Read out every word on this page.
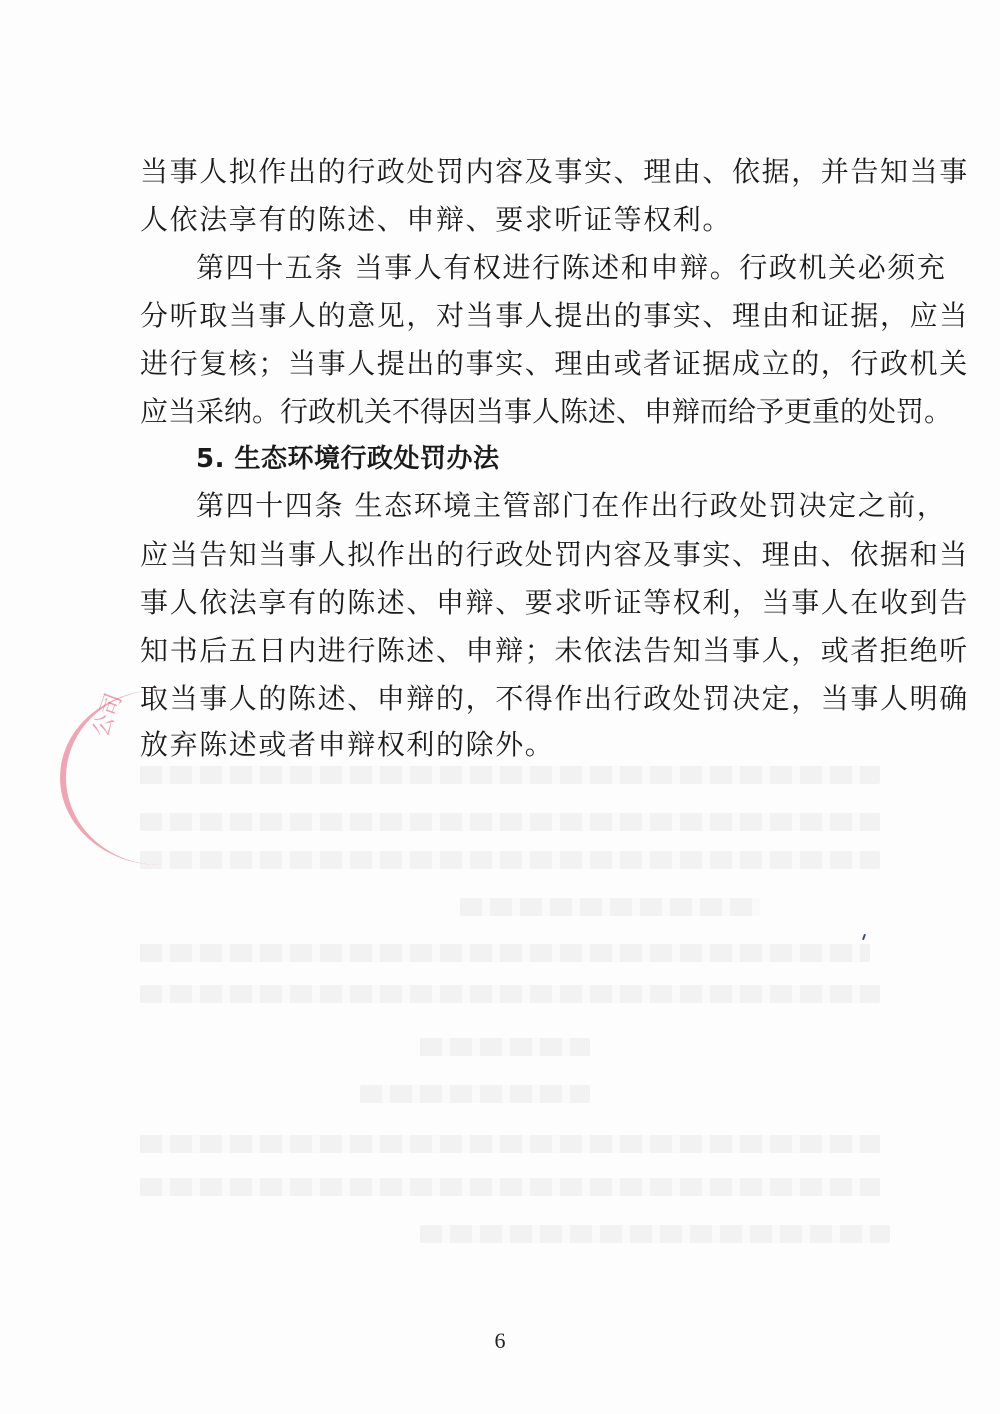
当事人拟作出的行政处罚内容及事实、理由、依据，并告知当事
人依法享有的陈述、申辩、要求听证等权利。
第四十五条 当事人有权进行陈述和申辩。行政机关必须充
分听取当事人的意见，对当事人提出的事实、理由和证据，应当
进行复核；当事人提出的事实、理由或者证据成立的，行政机关
应当采纳。行政机关不得因当事人陈述、申辩而给予更重的处罚。
5. 生态环境行政处罚办法
第四十四条 生态环境主管部门在作出行政处罚决定之前，
应当告知当事人拟作出的行政处罚内容及事实、理由、依据和当
事人依法享有的陈述、申辩、要求听证等权利，当事人在收到告
知书后五日内进行陈述、申辩；未依法告知当事人，或者拒绝听
取当事人的陈述、申辩的，不得作出行政处罚决定，当事人明确
放弃陈述或者申辩权利的除外。
公司
6
